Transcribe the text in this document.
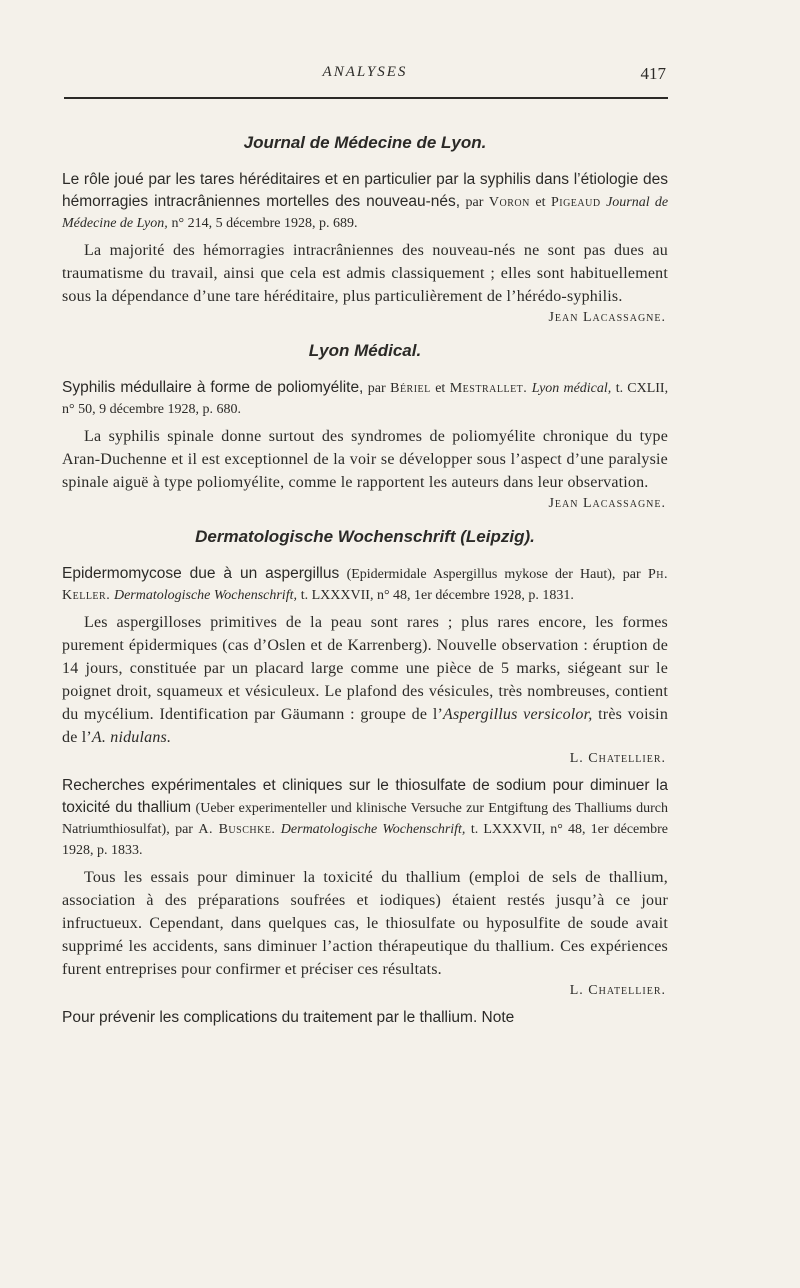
ANALYSES	417
Journal de Médecine de Lyon.

Le rôle joué par les tares héréditaires et en particulier par la syphilis dans l’étiologie des hémorragies intracrâniennes mortelles des nouveau-nés, par Voron et Pigeaud Journal de Médecine de Lyon, n° 214, 5 décembre 1928, p. 689.

La majorité des hémorragies intracrâniennes des nouveau-nés ne sont pas dues au traumatisme du travail, ainsi que cela est admis classiquement ; elles sont habituellement sous la dépendance d’une tare héréditaire, plus particulièrement de l’hérédo-syphilis.

Jean Lacassagne.

Lyon Médical.

Syphilis médullaire à forme de poliomyélite, par Bériel et Mestrallet. Lyon médical, t. CXLII, n° 50, 9 décembre 1928, p. 680.

La syphilis spinale donne surtout des syndromes de poliomyélite chronique du type Aran-Duchenne et il est exceptionnel de la voir se développer sous l’aspect d’une paralysie spinale aiguë à type poliomyélite, comme le rapportent les auteurs dans leur observation.

Jean Lacassagne.

Dermatologische Wochenschrift (Leipzig).

Epidermomycose due à un aspergillus (Epidermidale Aspergillus mykose der Haut), par Ph. Keller. Dermatologische Wochenschrift, t. LXXXVII, n° 48, 1er décembre 1928, p. 1831.

Les aspergilloses primitives de la peau sont rares ; plus rares encore, les formes purement épidermiques (cas d’Oslen et de Karrenberg). Nouvelle observation : éruption de 14 jours, constituée par un placard large comme une pièce de 5 marks, siégeant sur le poignet droit, squameux et vésiculeux. Le plafond des vésicules, très nombreuses, contient du mycélium. Identification par Gäumann : groupe de l’Aspergillus versicolor, très voisin de l’A. nidulans.

L. Chatellier.

Recherches expérimentales et cliniques sur le thiosulfate de sodium pour diminuer la toxicité du thallium (Ueber experimenteller und klinische Versuche zur Entgiftung des Thalliums durch Natriumthiosulfat), par A. Buschke. Dermatologische Wochenschrift, t. LXXXVII, n° 48, 1er décembre 1928, p. 1833.

Tous les essais pour diminuer la toxicité du thallium (emploi de sels de thallium, association à des préparations soufrées et iodiques) étaient restés jusqu’à ce jour infructueux. Cependant, dans quelques cas, le thiosulfate ou hyposulfite de soude avait supprimé les accidents, sans diminuer l’action thérapeutique du thallium. Ces expériences furent entreprises pour confirmer et préciser ces résultats.

L. Chatellier.

Pour prévenir les complications du traitement par le thallium. Note
